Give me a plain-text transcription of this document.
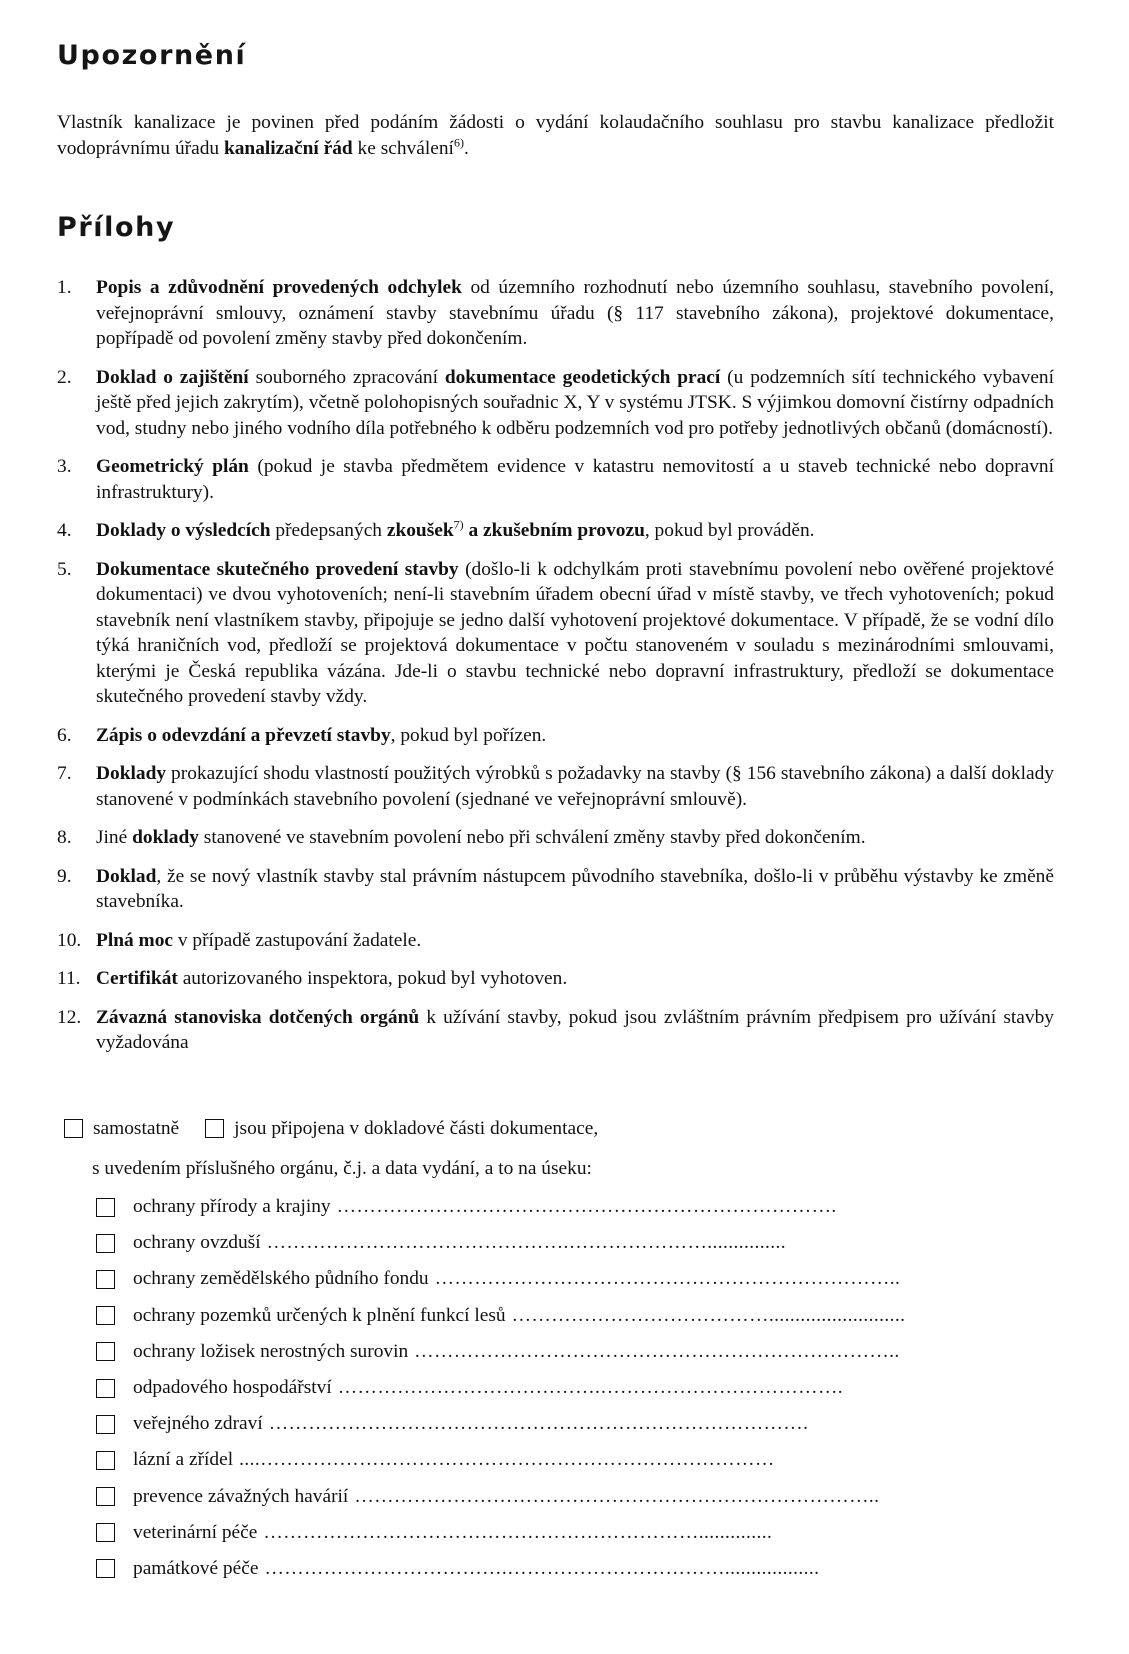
Upozornění
Vlastník kanalizace je povinen před podáním žádosti o vydání kolaudačního souhlasu pro stavbu kanalizace předložit vodoprávnímu úřadu kanalizační řád ke schválení$^{6)}$.
Přílohy
1. Popis a zdůvodnění provedených odchylek od územního rozhodnutí nebo územního souhlasu, stavebního povolení, veřejnoprávní smlouvy, oznámení stavby stavebnímu úřadu (§ 117 stavebního zákona), projektové dokumentace, popřípadě od povolení změny stavby před dokončením.
2. Doklad o zajištění souborného zpracování dokumentace geodetických prací (u podzemních sítí technického vybavení ještě před jejich zakrytím), včetně polohopisných souřadnic X, Y v systému JTSK. S výjimkou domovní čistírny odpadních vod, studny nebo jiného vodního díla potřebného k odběru podzemních vod pro potřeby jednotlivých občanů (domácností).
3. Geometrický plán (pokud je stavba předmětem evidence v katastru nemovitostí a u staveb technické nebo dopravní infrastruktury).
4. Doklady o výsledcích předepsaných zkoušek$^{7)}$ a zkušebním provozu, pokud byl prováděn.
5. Dokumentace skutečného provedení stavby (došlo-li k odchylkám proti stavebnímu povolení nebo ověřené projektové dokumentaci) ve dvou vyhotoveních; není-li stavebním úřadem obecní úřad v místě stavby, ve třech vyhotoveních; pokud stavebník není vlastníkem stavby, připojuje se jedno další vyhotovení projektové dokumentace. V případě, že se vodní dílo týká hraničních vod, předloží se projektová dokumentace v počtu stanoveném v souladu s mezinárodními smlouvami, kterými je Česká republika vázána. Jde-li o stavbu technické nebo dopravní infrastruktury, předloží se dokumentace skutečného provedení stavby vždy.
6. Zápis o odevzdání a převzetí stavby, pokud byl pořízen.
7. Doklady prokazující shodu vlastností použitých výrobků s požadavky na stavby (§ 156 stavebního zákona) a další doklady stanovené v podmínkách stavebního povolení (sjednané ve veřejnoprávní smlouvě).
8. Jiné doklady stanovené ve stavebním povolení nebo při schválení změny stavby před dokončením.
9. Doklad, že se nový vlastník stavby stal právním nástupcem původního stavebníka, došlo-li v průběhu výstavby ke změně stavebníka.
10. Plná moc v případě zastupování žadatele.
11. Certifikát autorizovaného inspektora, pokud byl vyhotoven.
12. Závazná stanoviska dotčených orgánů k užívání stavby, pokud jsou zvláštním právním předpisem pro užívání stavby vyžadována
samostatně	jsou připojena v dokladové části dokumentace,
s uvedením příslušného orgánu, č.j. a data vydání, a to na úseku:
ochrany přírody a krajiny ………………………………………………………………….
ochrany ovzduší ……………………………………….…………………...............
ochrany zemědělského půdního fondu ……………………………………………………………..
ochrany pozemků určených k plnění funkcí lesů …………………………………..........................
ochrany ložisek nerostných surovin ………………………………………………………………..
odpadového hospodářství ………………………………….……………………………….
veřejného zdraví ……………………………………………………………………….
lázní a zřídel ....……………………………………………………………………
prevence závažných havárií ……………………………………………………………………..
veterinární péče …………………………………………………………..............
památkové péče ……………………………….……………………………..................
